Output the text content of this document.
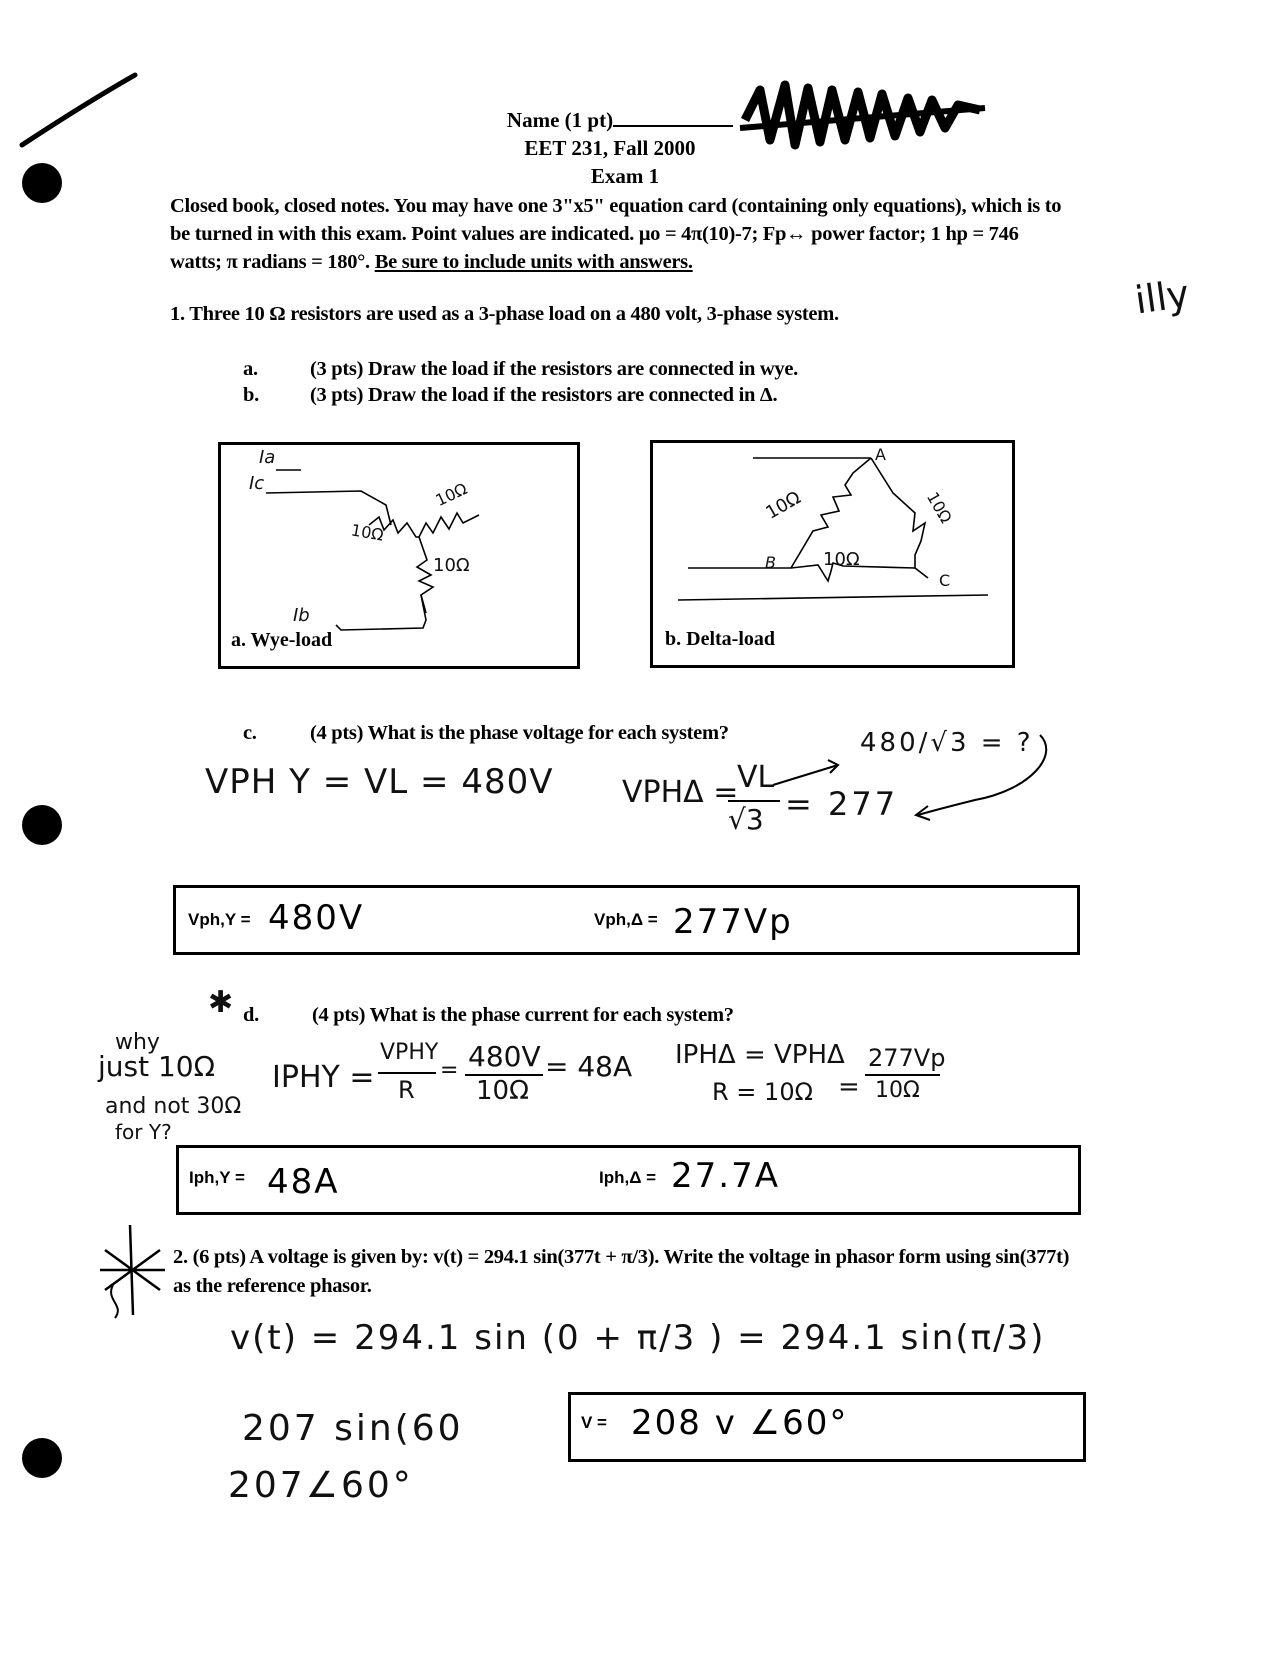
Name (1 pt)
EET 231, Fall 2000
Exam 1
Closed book, closed notes. You may have one 3"x5" equation card (containing only equations), which is to be turned in with this exam. Point values are indicated. μo = 4π(10)-7; Fp↔ power factor; 1 hp = 746 watts; π radians = 180°. Be sure to include units with answers.
illy
1. Three 10 Ω resistors are used as a 3-phase load on a 480 volt, 3-phase system.
a.	(3 pts) Draw the load if the resistors are connected in wye.
b. (3 pts) Draw the load if the resistors are connected in Δ.
Ia
Ic
Ib
10Ω
10Ω
10Ω
a. Wye-load
A
B
C
10Ω
10Ω
10Ω
b. Delta-load
c.	(4 pts) What is the phase voltage for each system?	480/√3 = ?
VPH Y = VL = 480V VPHΔ =
VL
√3 = 277
Vph,Y = 480V	Vph,Δ = 277Vp
✱ d.	(4 pts) What is the phase current for each system?
why
just 10Ω
and not 30Ω
for Y?
IPHY =
VPHY
R
= 480V
10Ω
= 48A IPHΔ = VPHΔ
R = 10Ω =
277Vp
10Ω
Iph,Y = 48A	Iph,Δ = 27.7A
2. (6 pts) A voltage is given by: v(t) = 294.1 sin(377t + π/3). Write the voltage in phasor form using sin(377t) as the reference phasor.
v(t) = 294.1 sin (0 + π/3 ) = 294.1 sin(π/3)
207 sin(60
207∠60°
V = 208 v ∠60°
